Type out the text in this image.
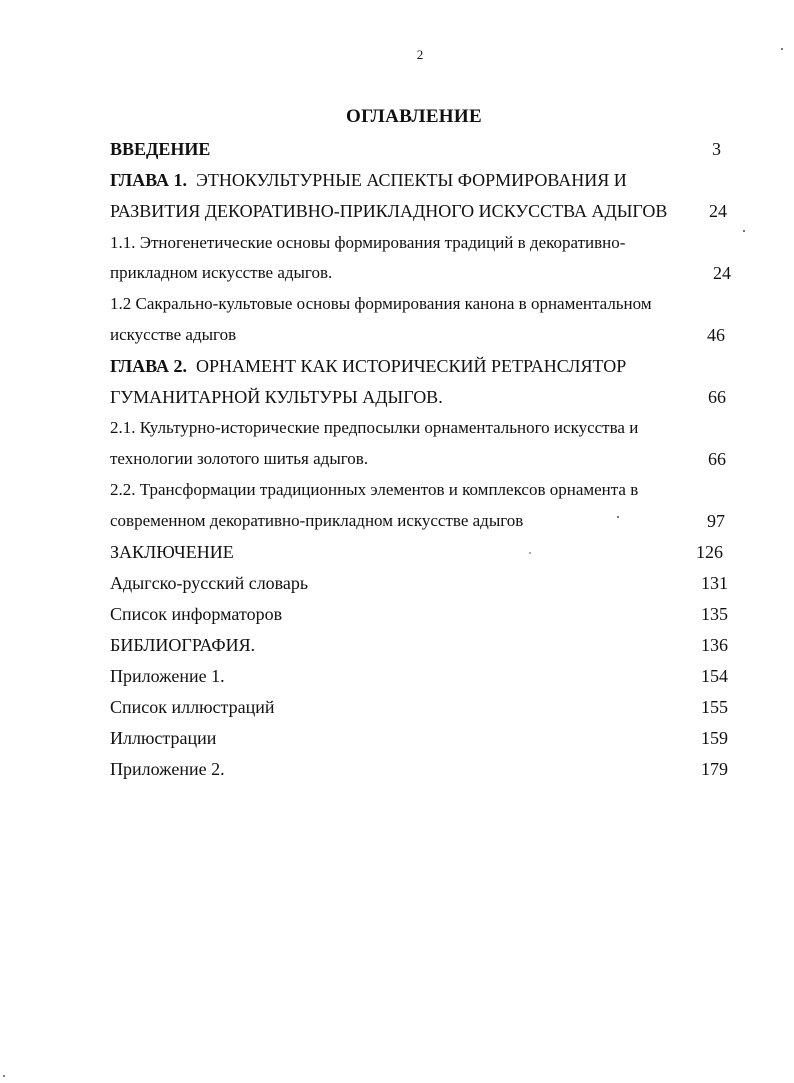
2
ОГЛАВЛЕНИЕ
ВВЕДЕНИЕ	3
ГЛАВА 1. ЭТНОКУЛЬТУРНЫЕ АСПЕКТЫ ФОРМИРОВАНИЯ И
РАЗВИТИЯ ДЕКОРАТИВНО-ПРИКЛАДНОГО ИСКУССТВА АДЫГОВ	24
1.1. Этногенетические основы формирования традиций в декоративно-
прикладном искусстве адыгов.	24
1.2 Сакрально-культовые основы формирования канона в орнаментальном
искусстве адыгов	46
ГЛАВА 2. ОРНАМЕНТ КАК ИСТОРИЧЕСКИЙ РЕТРАНСЛЯТОР
ГУМАНИТАРНОЙ КУЛЬТУРЫ АДЫГОВ.	66
2.1. Культурно-исторические предпосылки орнаментального искусства и
технологии золотого шитья адыгов.	66
2.2. Трансформации традиционных элементов и комплексов орнамента в
современном декоративно-прикладном искусстве адыгов	97
ЗАКЛЮЧЕНИЕ	126
Адыгско-русский словарь	131
Список информаторов	135
БИБЛИОГРАФИЯ.	136
Приложение 1.	154
Список иллюстраций	155
Иллюстрации	159
Приложение 2.	179
